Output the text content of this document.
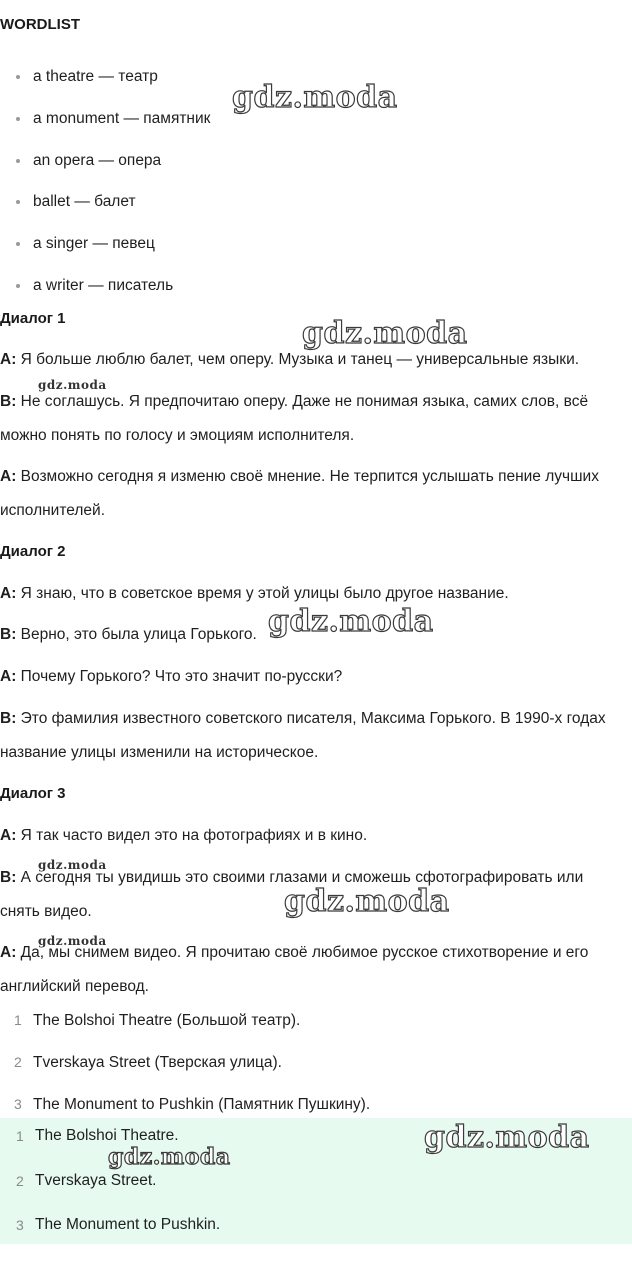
WORDLIST
a theatre — театр
a monument — памятник
an opera — опера
ballet — балет
a singer — певец
a writer — писатель
Диалог 1
A: Я больше люблю балет, чем оперу. Музыка и танец — универсальные языки.
B: Не соглашусь. Я предпочитаю оперу. Даже не понимая языка, самих слов, всё можно понять по голосу и эмоциям исполнителя.
A: Возможно сегодня я изменю своё мнение. Не терпится услышать пение лучших исполнителей.
Диалог 2
A: Я знаю, что в советское время у этой улицы было другое название.
B: Верно, это была улица Горького.
A: Почему Горького? Что это значит по-русски?
B: Это фамилия известного советского писателя, Максима Горького. В 1990-х годах название улицы изменили на историческое.
Диалог 3
A: Я так часто видел это на фотографиях и в кино.
B: А сегодня ты увидишь это своими глазами и сможешь сфотографировать или снять видео.
A: Да, мы снимем видео. Я прочитаю своё любимое русское стихотворение и его английский перевод.
1 The Bolshoi Theatre (Большой театр).
2 Tverskaya Street (Тверская улица).
3 The Monument to Pushkin (Памятник Пушкину).
1 The Bolshoi Theatre.
2 Tverskaya Street.
3 The Monument to Pushkin.
gdz.moda
gdz.moda
gdz.moda
gdz.moda
gdz.moda
gdz.moda
gdz.moda
gdz.moda
gdz.moda
